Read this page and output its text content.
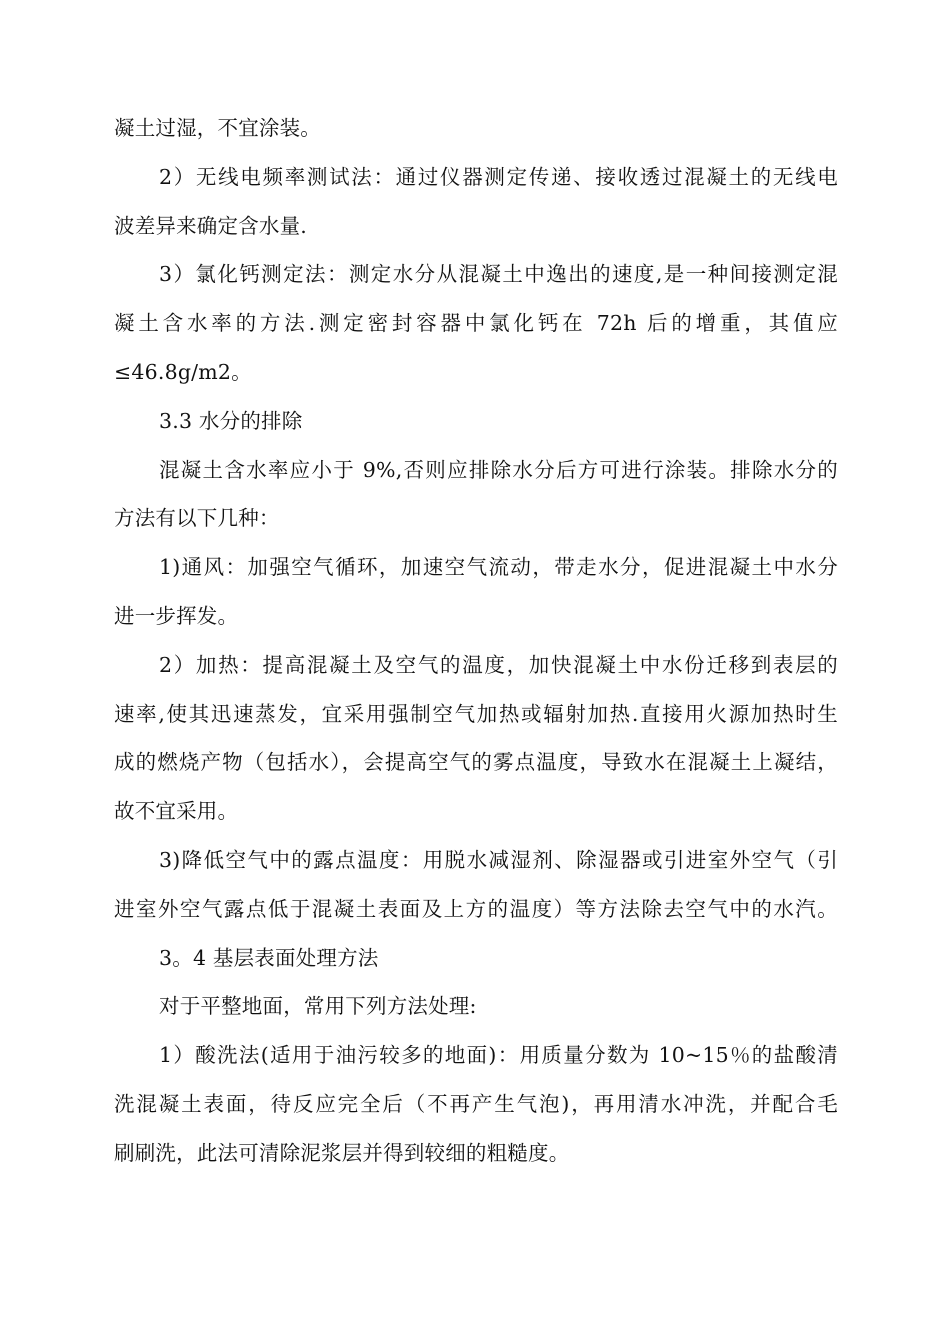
凝土过湿，不宜涂装。
2）无线电频率测试法：通过仪器测定传递、接收透过混凝土的无线电
波差异来确定含水量.
3）氯化钙测定法：测定水分从混凝土中逸出的速度,是一种间接测定混
凝土含水率的方法.测定密封容器中氯化钙在 72h 后的增重，其值应
≤46.8g/m2。
3.3 水分的排除
混凝土含水率应小于 9%,否则应排除水分后方可进行涂装。排除水分的
方法有以下几种：
1)通风：加强空气循环，加速空气流动，带走水分，促进混凝土中水分
进一步挥发。
2）加热：提高混凝土及空气的温度，加快混凝土中水份迁移到表层的
速率,使其迅速蒸发，宜采用强制空气加热或辐射加热.直接用火源加热时生
成的燃烧产物（包括水），会提高空气的雾点温度，导致水在混凝土上凝结，
故不宜采用。
3)降低空气中的露点温度：用脱水减湿剂、除湿器或引进室外空气（引
进室外空气露点低于混凝土表面及上方的温度）等方法除去空气中的水汽。
3。4 基层表面处理方法
对于平整地面，常用下列方法处理:
1）酸洗法(适用于油污较多的地面)：用质量分数为 10~15％的盐酸清
洗混凝土表面，待反应完全后（不再产生气泡)，再用清水冲洗，并配合毛
刷刷洗，此法可清除泥浆层并得到较细的粗糙度。
